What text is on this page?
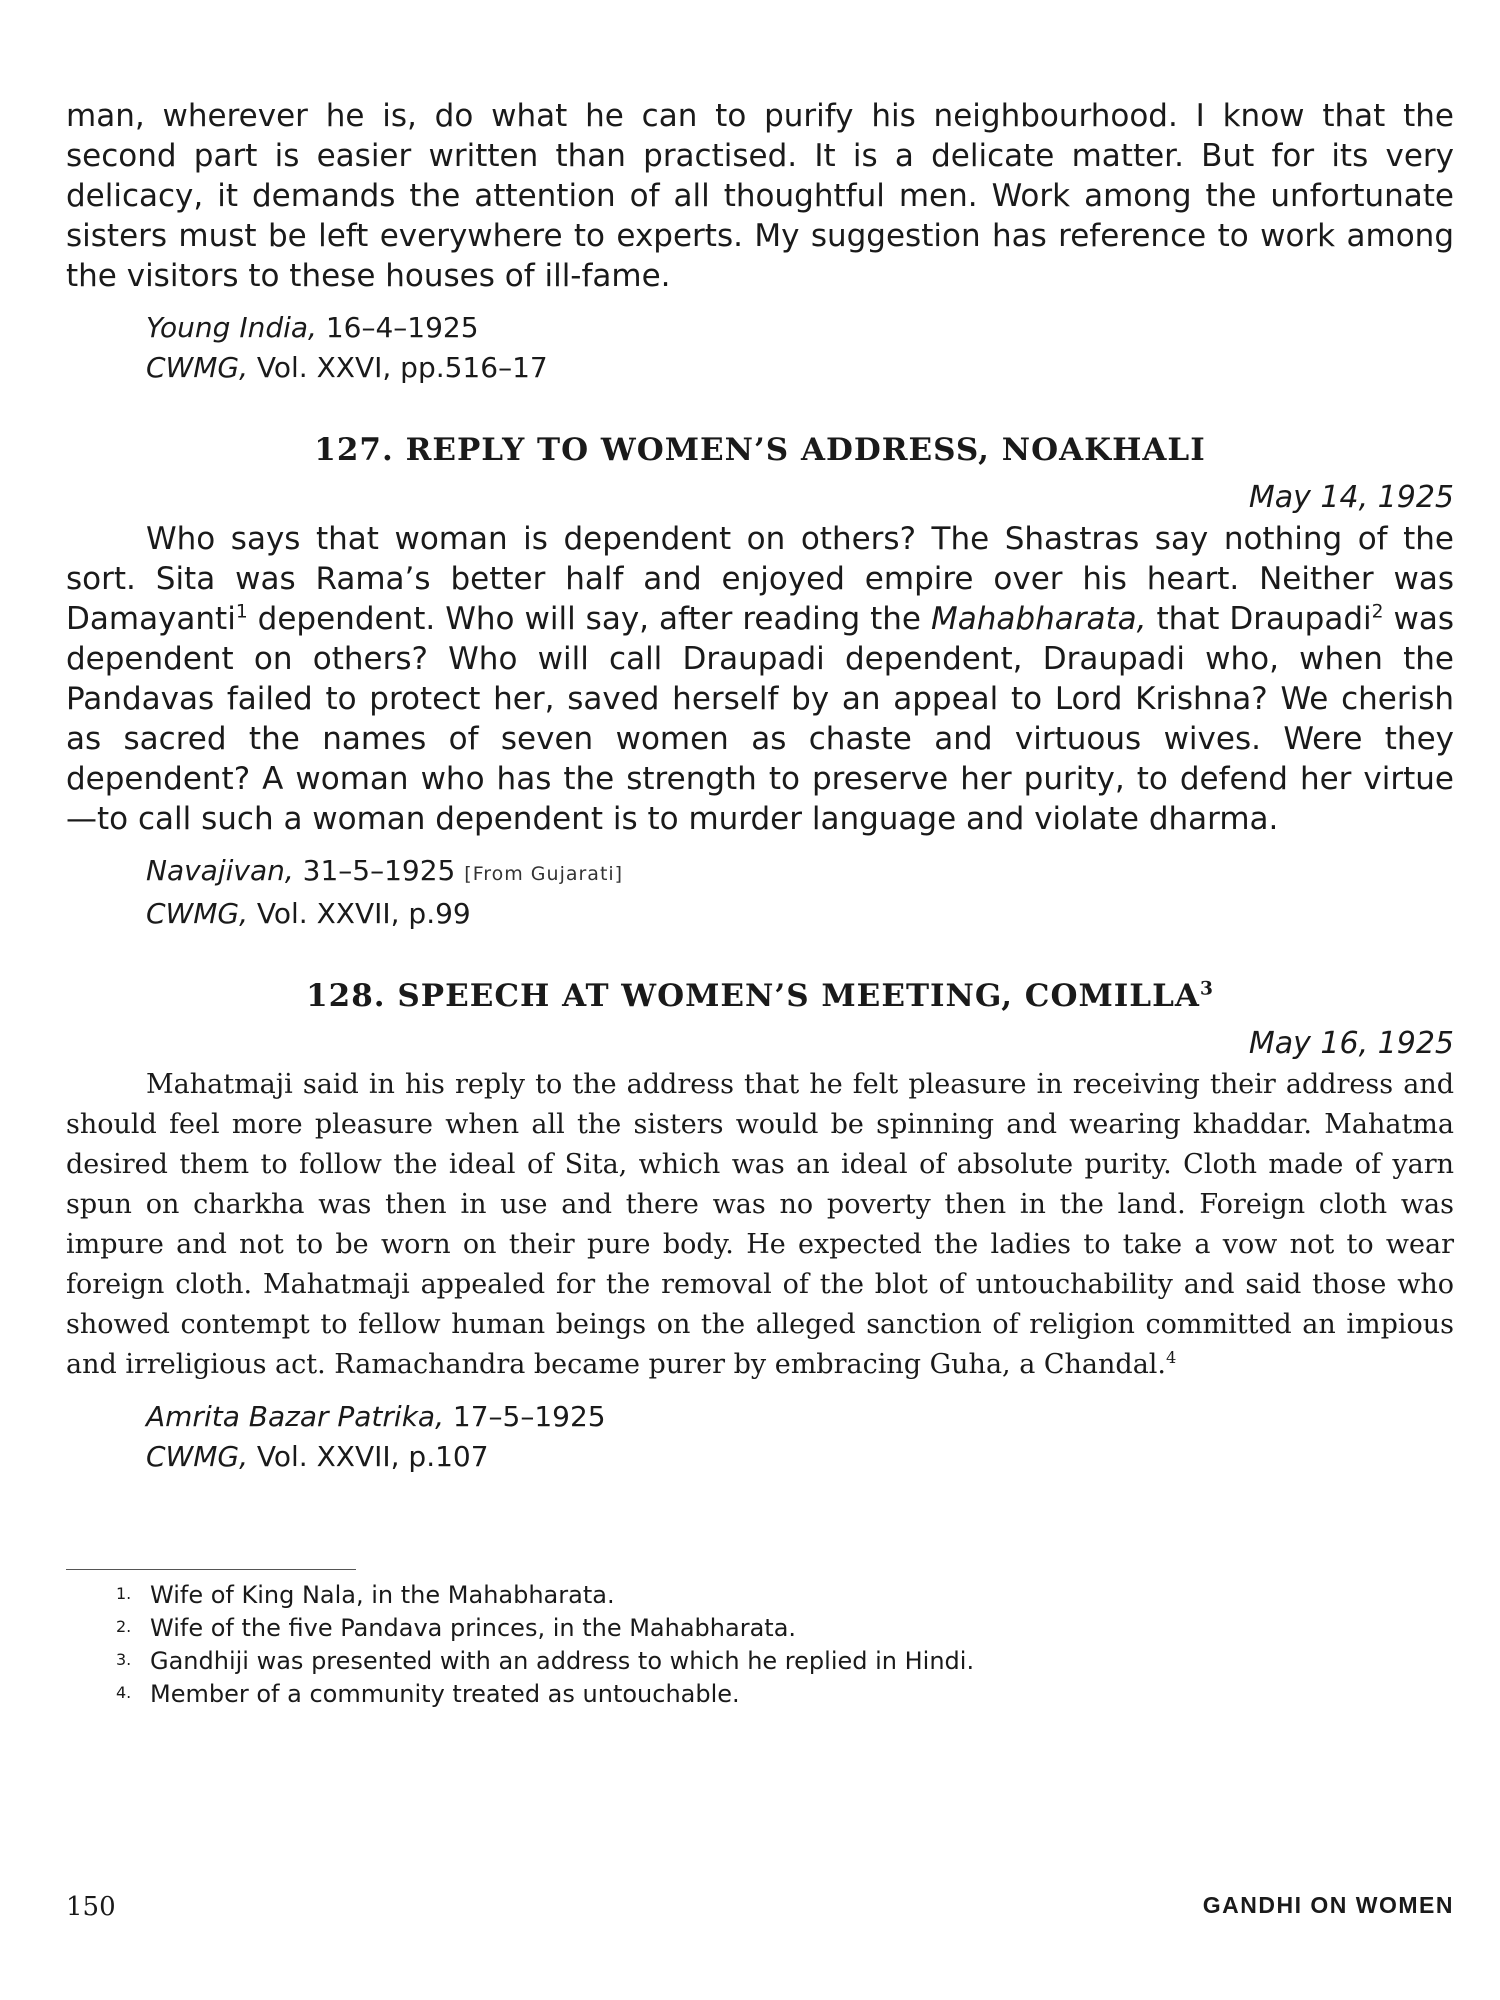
man, wherever he is, do what he can to purify his neighbourhood. I know that the second part is easier written than practised. It is a delicate matter. But for its very delicacy, it demands the attention of all thoughtful men. Work among the unfortunate sisters must be left everywhere to experts. My suggestion has reference to work among the visitors to these houses of ill-fame.

Young India, 16–4–1925
CWMG, Vol. XXVI, pp.516–17
127. REPLY TO WOMEN’S ADDRESS, NOAKHALI

May 14, 1925

Who says that woman is dependent on others? The Shastras say nothing of the sort. Sita was Rama’s better half and enjoyed empire over his heart. Neither was Damayanti$^1$ dependent. Who will say, after reading the Mahabharata, that Draupadi$^2$ was dependent on others? Who will call Draupadi dependent, Draupadi who, when the Pandavas failed to protect her, saved herself by an appeal to Lord Krishna? We cherish as sacred the names of seven women as chaste and virtuous wives. Were they dependent? A woman who has the strength to preserve her purity, to defend her virtue—to call such a woman dependent is to murder language and violate dharma.

Navajivan, 31–5–1925 [From Gujarati]
CWMG, Vol. XXVII, p.99
128. SPEECH AT WOMEN’S MEETING, COMILLA$^3$

May 16, 1925

Mahatmaji said in his reply to the address that he felt pleasure in receiving their address and should feel more pleasure when all the sisters would be spinning and wearing khaddar. Mahatma desired them to follow the ideal of Sita, which was an ideal of absolute purity. Cloth made of yarn spun on charkha was then in use and there was no poverty then in the land. Foreign cloth was impure and not to be worn on their pure body. He expected the ladies to take a vow not to wear foreign cloth. Mahatmaji appealed for the removal of the blot of untouchability and said those who showed contempt to fellow human beings on the alleged sanction of religion committed an impious and irreligious act. Ramachandra became purer by embracing Guha, a Chandal.$^4$

Amrita Bazar Patrika, 17–5–1925
CWMG, Vol. XXVII, p.107
1. Wife of King Nala, in the Mahabharata.
2. Wife of the five Pandava princes, in the Mahabharata.
3. Gandhiji was presented with an address to which he replied in Hindi.
4. Member of a community treated as untouchable.
150	GANDHI ON WOMEN
